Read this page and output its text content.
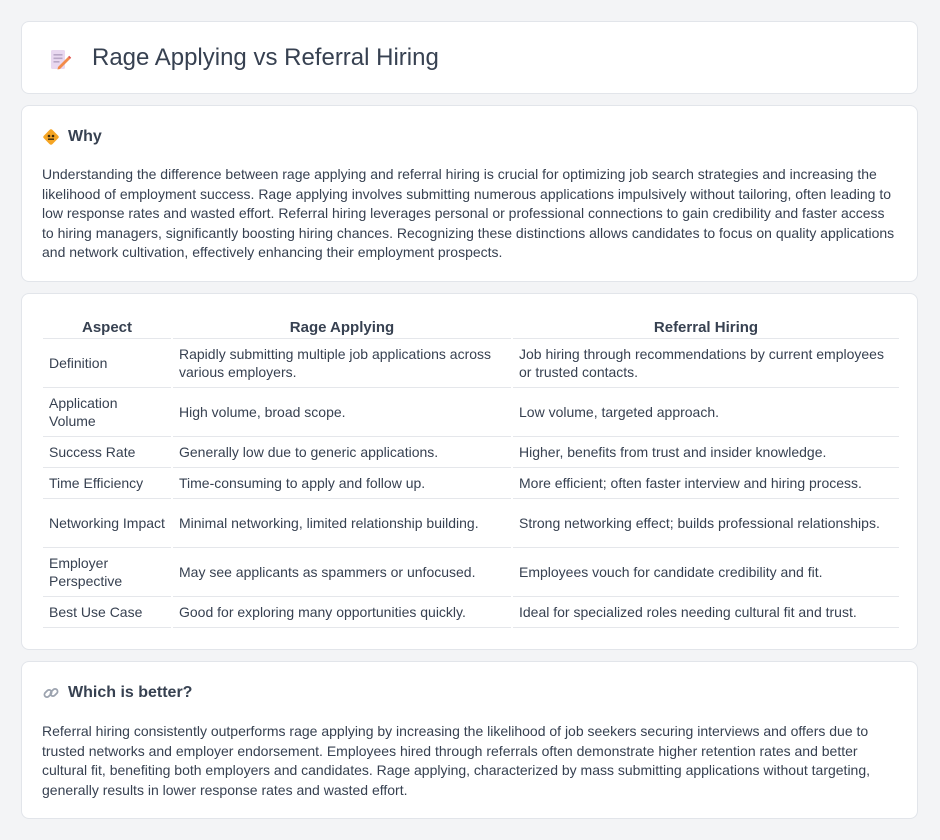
Rage Applying vs Referral Hiring
Why

Understanding the difference between rage applying and referral hiring is crucial for optimizing job search strategies and increasing the likelihood of employment success. Rage applying involves submitting numerous applications impulsively without tailoring, often leading to low response rates and wasted effort. Referral hiring leverages personal or professional connections to gain credibility and faster access to hiring managers, significantly boosting hiring chances. Recognizing these distinctions allows candidates to focus on quality applications and network cultivation, effectively enhancing their employment prospects.

Aspect	Rage Applying	Referral Hiring
Definition	Rapidly submitting multiple job applications across various employers.	Job hiring through recommendations by current employees or trusted contacts.
Application Volume	High volume, broad scope.	Low volume, targeted approach.
Success Rate	Generally low due to generic applications.	Higher, benefits from trust and insider knowledge.
Time Efficiency	Time-consuming to apply and follow up.	More efficient; often faster interview and hiring process.
Networking Impact	Minimal networking, limited relationship building.	Strong networking effect; builds professional relationships.
Employer Perspective	May see applicants as spammers or unfocused.	Employees vouch for candidate credibility and fit.
Best Use Case	Good for exploring many opportunities quickly.	Ideal for specialized roles needing cultural fit and trust.
Which is better?

Referral hiring consistently outperforms rage applying by increasing the likelihood of job seekers securing interviews and offers due to trusted networks and employer endorsement. Employees hired through referrals often demonstrate higher retention rates and better cultural fit, benefiting both employers and candidates. Rage applying, characterized by mass submitting applications without targeting, generally results in lower response rates and wasted effort.
